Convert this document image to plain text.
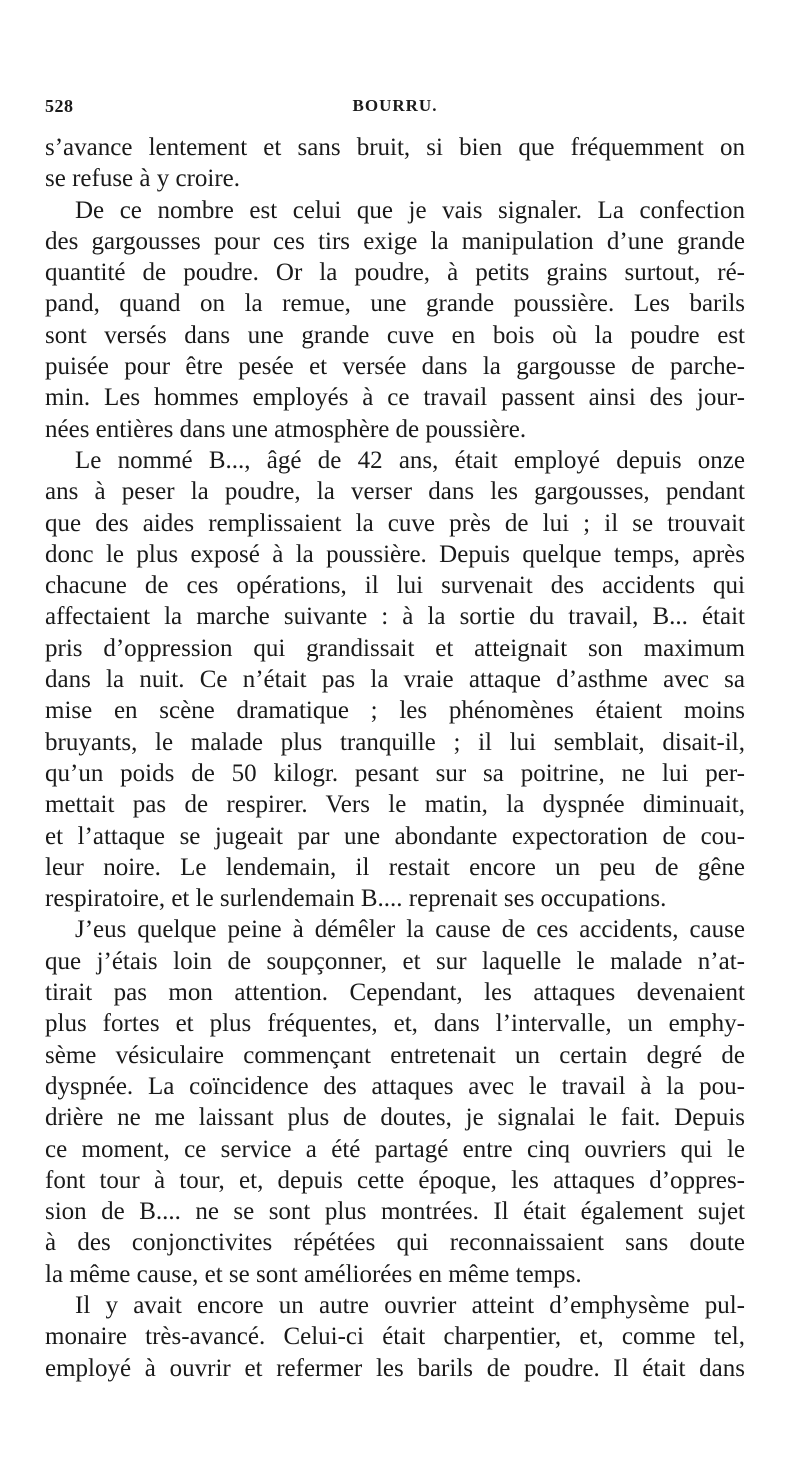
528	BOURRU.

s’avance lentement et sans bruit, si bien que fréquemment on
se refuse à y croire.

De ce nombre est celui que je vais signaler. La confection
des gargousses pour ces tirs exige la manipulation d’une grande
quantité de poudre. Or la poudre, à petits grains surtout, ré-
pand, quand on la remue, une grande poussière. Les barils
sont versés dans une grande cuve en bois où la poudre est
puisée pour être pesée et versée dans la gargousse de parche-
min. Les hommes employés à ce travail passent ainsi des jour-
nées entières dans une atmosphère de poussière.

Le nommé B..., âgé de 42 ans, était employé depuis onze
ans à peser la poudre, la verser dans les gargousses, pendant
que des aides remplissaient la cuve près de lui ; il se trouvait
donc le plus exposé à la poussière. Depuis quelque temps, après
chacune de ces opérations, il lui survenait des accidents qui
affectaient la marche suivante : à la sortie du travail, B... était
pris d’oppression qui grandissait et atteignait son maximum
dans la nuit. Ce n’était pas la vraie attaque d’asthme avec sa
mise en scène dramatique ; les phénomènes étaient moins
bruyants, le malade plus tranquille ; il lui semblait, disait-il,
qu’un poids de 50 kilogr. pesant sur sa poitrine, ne lui per-
mettait pas de respirer. Vers le matin, la dyspnée diminuait,
et l’attaque se jugeait par une abondante expectoration de cou-
leur noire. Le lendemain, il restait encore un peu de gêne
respiratoire, et le surlendemain B.... reprenait ses occupations.

J’eus quelque peine à démêler la cause de ces accidents, cause
que j’étais loin de soupçonner, et sur laquelle le malade n’at-
tirait pas mon attention. Cependant, les attaques devenaient
plus fortes et plus fréquentes, et, dans l’intervalle, un emphy-
sème vésiculaire commençant entretenait un certain degré de
dyspnée. La coïncidence des attaques avec le travail à la pou-
drière ne me laissant plus de doutes, je signalai le fait. Depuis
ce moment, ce service a été partagé entre cinq ouvriers qui le
font tour à tour, et, depuis cette époque, les attaques d’oppres-
sion de B.... ne se sont plus montrées. Il était également sujet
à des conjonctivites répétées qui reconnaissaient sans doute
la même cause, et se sont améliorées en même temps.

Il y avait encore un autre ouvrier atteint d’emphysème pul-
monaire très-avancé. Celui-ci était charpentier, et, comme tel,
employé à ouvrir et refermer les barils de poudre. Il était dans
